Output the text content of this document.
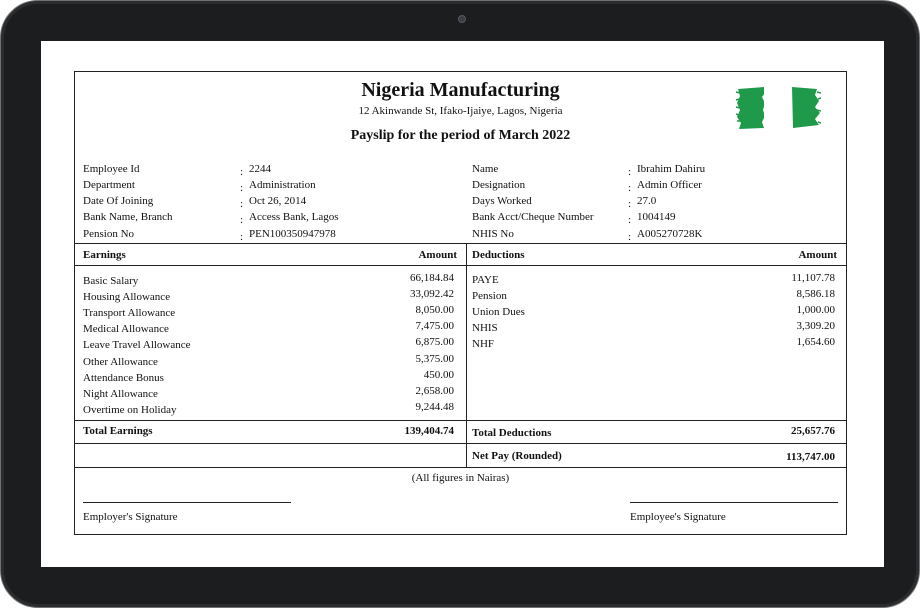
Nigeria Manufacturing
12 Akinwande St, Ifako-Ijaiye, Lagos, Nigeria
Payslip for the period of March 2022
Employee Id	: 2244
Department	: Administration
Date Of Joining	: Oct 26, 2014
Bank Name, Branch	: Access Bank, Lagos
Pension No	: PEN100350947978
Name	: Ibrahim Dahiru
Designation	: Admin Officer
Days Worked	: 27.0
Bank Acct/Cheque Number	: 1004149
NHIS No	: A005270728K
Earnings	Amount Deductions	Amount
Basic Salary	66,184.84
Housing Allowance	33,092.42
Transport Allowance	8,050.00
Medical Allowance	7,475.00
Leave Travel Allowance	6,875.00
Other Allowance	5,375.00
Attendance Bonus	450.00
Night Allowance	2,658.00
Overtime on Holiday	9,244.48
PAYE	11,107.78
Pension	8,586.18
Union Dues	1,000.00
NHIS	3,309.20
NHF	1,654.60
Total Earnings	139,404.74 Total Deductions	25,657.76
Net Pay (Rounded)	113,747.00
(All figures in Nairas)
Employer's Signature	Employee's Signature
